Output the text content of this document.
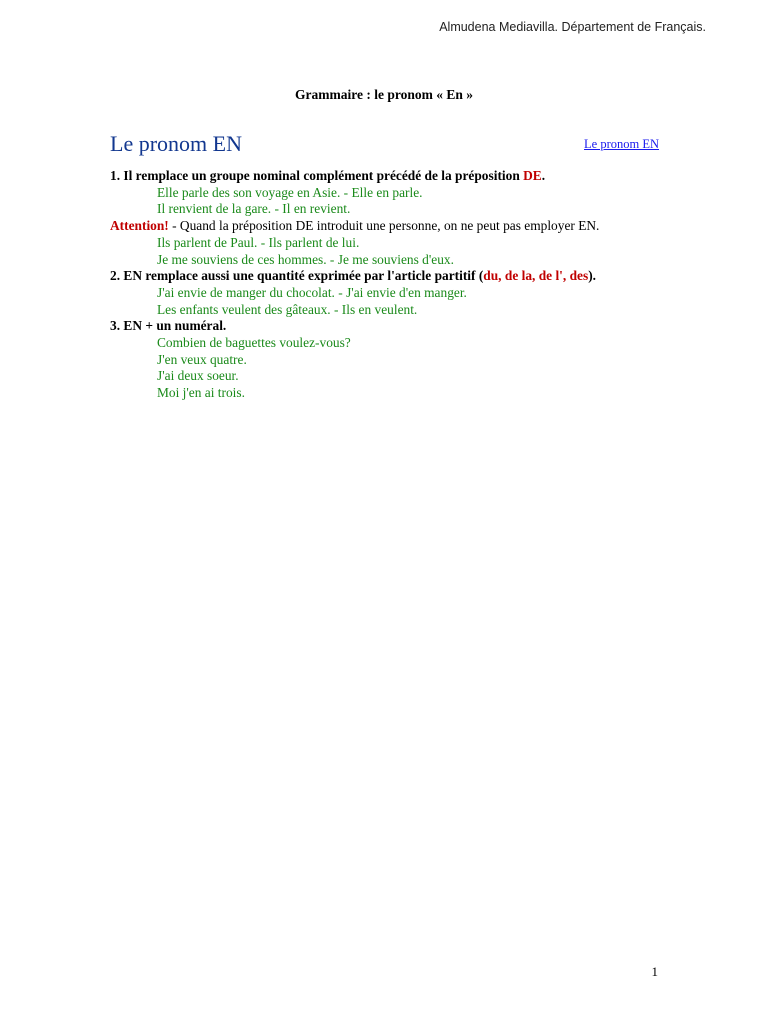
Almudena Mediavilla. Département de Français.
Grammaire : le pronom « En »
Le pronom EN	Le pronom EN

1. Il remplace un groupe nominal complément précédé de la préposition DE.

Elle parle des son voyage en Asie. - Elle en parle.

Il renvient de la gare. - Il en revient.

Attention! - Quand la préposition DE introduit une personne, on ne peut pas employer EN.

Ils parlent de Paul. - Ils parlent de lui.

Je me souviens de ces hommes. - Je me souviens d'eux.

2. EN remplace aussi une quantité exprimée par l'article partitif (du, de la, de l', des).

J'ai envie de manger du chocolat. - J'ai envie d'en manger.

Les enfants veulent des gâteaux. - Ils en veulent.

3. EN + un numéral.

Combien de baguettes voulez-vous?

J'en veux quatre.

J'ai deux soeur.

Moi j'en ai trois.

1
